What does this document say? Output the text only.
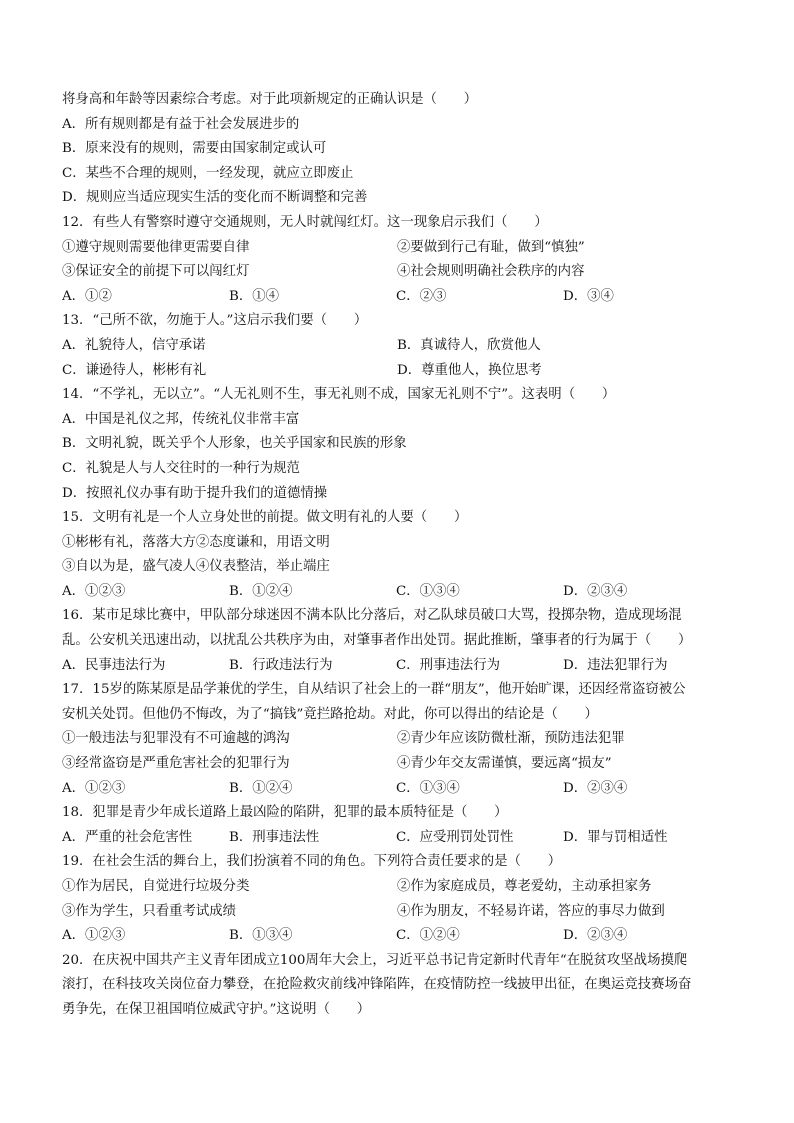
将身高和年龄等因素综合考虑。对于此项新规定的正确认识是（　　）
A．所有规则都是有益于社会发展进步的
B．原来没有的规则，需要由国家制定或认可
C．某些不合理的规则，一经发现，就应立即废止
D．规则应当适应现实生活的变化而不断调整和完善
12．有些人有警察时遵守交通规则，无人时就闯红灯。这一现象启示我们（　　）
①遵守规则需要他律更需要自律	②要做到行己有耻，做到“慎独”
③保证安全的前提下可以闯红灯	④社会规则明确社会秩序的内容
A．①②	B．①④	C．②③	D．③④
13．“己所不欲，勿施于人。”这启示我们要（　　）
A．礼貌待人，信守承诺	B．真诚待人，欣赏他人
C．谦逊待人，彬彬有礼	D．尊重他人，换位思考
14．“不学礼，无以立”。“人无礼则不生，事无礼则不成，国家无礼则不宁”。这表明（　　）
A．中国是礼仪之邦，传统礼仪非常丰富
B．文明礼貌，既关乎个人形象，也关乎国家和民族的形象
C．礼貌是人与人交往时的一种行为规范
D．按照礼仪办事有助于提升我们的道德情操
15．文明有礼是一个人立身处世的前提。做文明有礼的人要（　　）
①彬彬有礼，落落大方②态度谦和，用语文明
③自以为是，盛气凌人④仪表整洁，举止端庄
A．①②③	B．①②④	C．①③④	D．②③④
16．某市足球比赛中，甲队部分球迷因不满本队比分落后，对乙队球员破口大骂，投掷杂物，造成现场混
乱。公安机关迅速出动，以扰乱公共秩序为由，对肇事者作出处罚。据此推断，肇事者的行为属于（　　）
A．民事违法行为	B．行政违法行为	C．刑事违法行为	D．违法犯罪行为
17．15岁的陈某原是品学兼优的学生，自从结识了社会上的一群“朋友”，他开始旷课，还因经常盗窃被公
安机关处罚。但他仍不悔改，为了“搞钱”竟拦路抢劫。对此，你可以得出的结论是（　　）
①一般违法与犯罪没有不可逾越的鸿沟	②青少年应该防微杜渐，预防违法犯罪
③经常盗窃是严重危害社会的犯罪行为	④青少年交友需谨慎，要远离“损友”
A．①②③	B．①②④	C．①③④	D．②③④
18．犯罪是青少年成长道路上最凶险的陷阱，犯罪的最本质特征是（　　）
A．严重的社会危害性	B．刑事违法性	C．应受刑罚处罚性	D．罪与罚相适性
19．在社会生活的舞台上，我们扮演着不同的角色。下列符合责任要求的是（　　）
①作为居民，自觉进行垃圾分类	②作为家庭成员，尊老爱幼，主动承担家务
③作为学生，只看重考试成绩	④作为朋友，不轻易许诺，答应的事尽力做到
A．①②③	B．①③④	C．①②④	D．②③④
20．在庆祝中国共产主义青年团成立100周年大会上，习近平总书记肯定新时代青年“在脱贫攻坚战场摸爬
滚打，在科技攻关岗位奋力攀登，在抢险救灾前线冲锋陷阵，在疫情防控一线披甲出征，在奥运竞技赛场奋
勇争先，在保卫祖国哨位威武守护。”这说明（　　）
